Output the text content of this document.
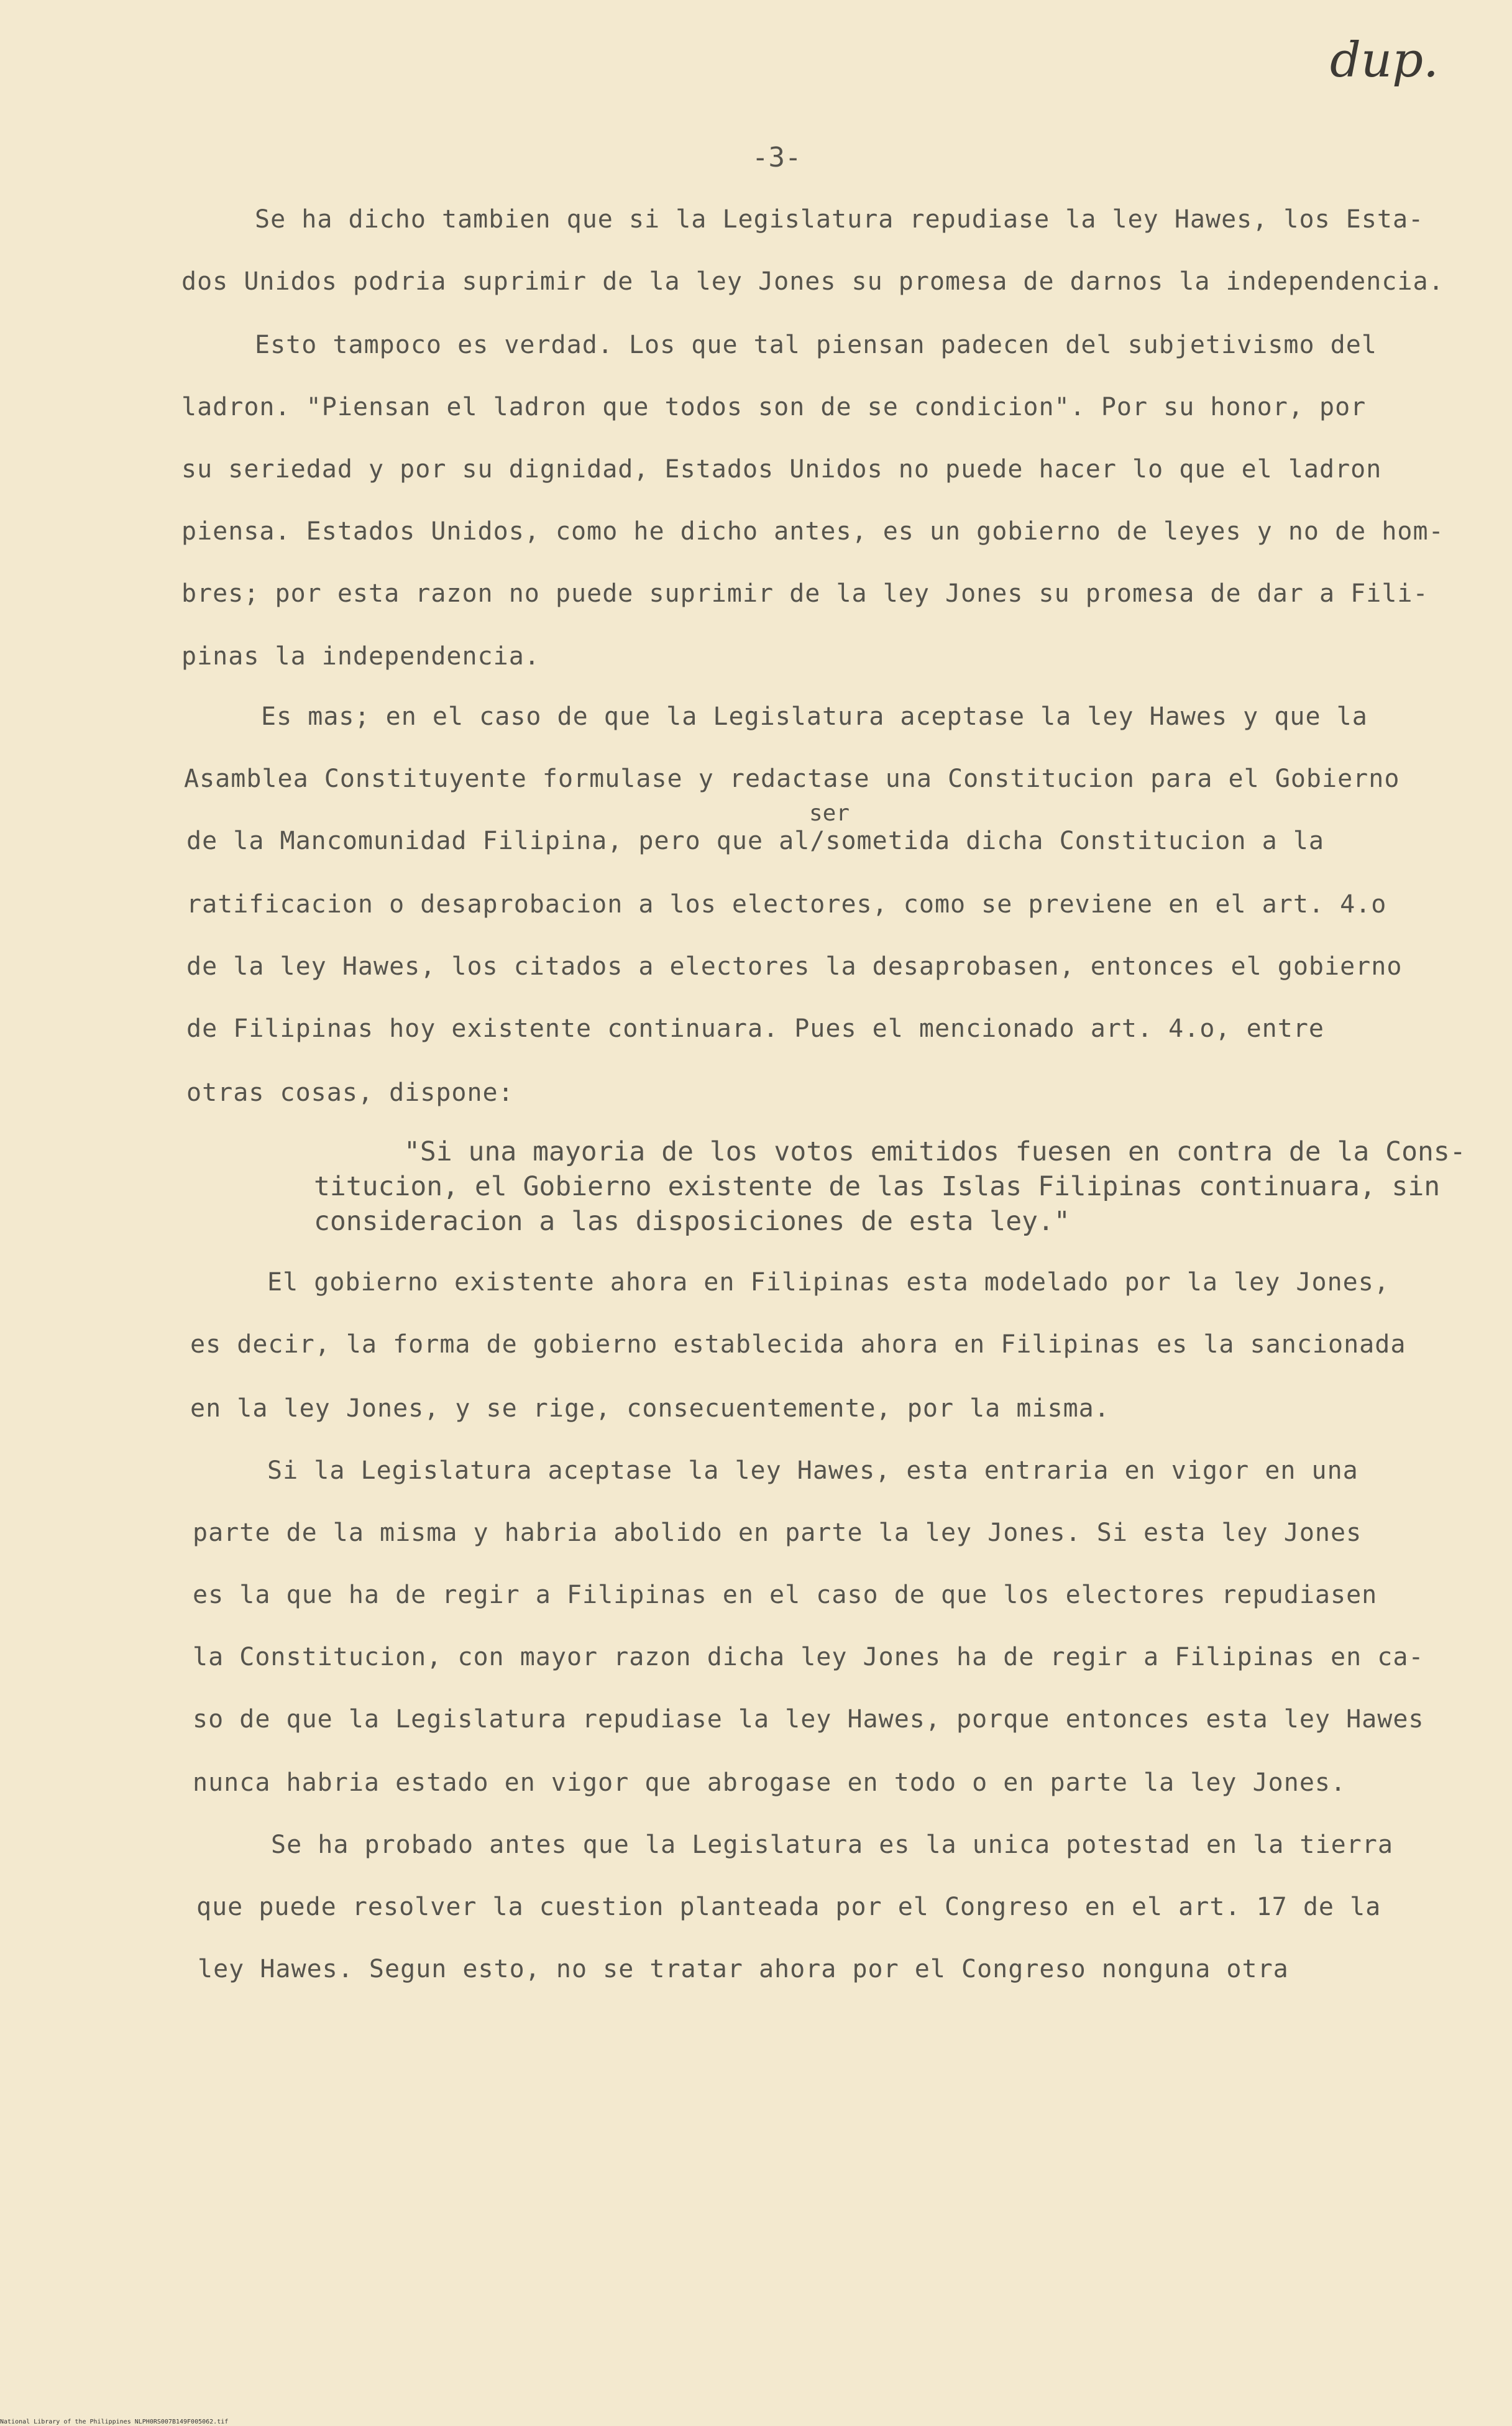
dup.
-3-
Se ha dicho tambien que si la Legislatura repudiase la ley Hawes, los Esta-
dos Unidos podria suprimir de la ley Jones su promesa de darnos la independencia.
Esto tampoco es verdad. Los que tal piensan padecen del subjetivismo del
ladron. "Piensan el ladron que todos son de se condicion". Por su honor, por
su seriedad y por su dignidad, Estados Unidos no puede hacer lo que el ladron
piensa. Estados Unidos, como he dicho antes, es un gobierno de leyes y no de hom-
bres; por esta razon no puede suprimir de la ley Jones su promesa de dar a Fili-
pinas la independencia.
Es mas; en el caso de que la Legislatura aceptase la ley Hawes y que la
Asamblea Constituyente formulase y redactase una Constitucion para el Gobierno
ser
de la Mancomunidad Filipina, pero que al/sometida dicha Constitucion a la
ratificacion o desaprobacion a los electores, como se previene en el art. 4.o
de la ley Hawes, los citados a electores la desaprobasen, entonces el gobierno
de Filipinas hoy existente continuara. Pues el mencionado art. 4.o, entre
otras cosas, dispone:
"Si una mayoria de los votos emitidos fuesen en contra de la Cons-
titucion, el Gobierno existente de las Islas Filipinas continuara, sin
consideracion a las disposiciones de esta ley."
El gobierno existente ahora en Filipinas esta modelado por la ley Jones,
es decir, la forma de gobierno establecida ahora en Filipinas es la sancionada
en la ley Jones, y se rige, consecuentemente, por la misma.
Si la Legislatura aceptase la ley Hawes, esta entraria en vigor en una
parte de la misma y habria abolido en parte la ley Jones. Si esta ley Jones
es la que ha de regir a Filipinas en el caso de que los electores repudiasen
la Constitucion, con mayor razon dicha ley Jones ha de regir a Filipinas en ca-
so de que la Legislatura repudiase la ley Hawes, porque entonces esta ley Hawes
nunca habria estado en vigor que abrogase en todo o en parte la ley Jones.
Se ha probado antes que la Legislatura es la unica potestad en la tierra
que puede resolver la cuestion planteada por el Congreso en el art. 17 de la
ley Hawes. Segun esto, no se tratar ahora por el Congreso nonguna otra
National Library of the Philippines NLPH0RS007B149F005062.tif
